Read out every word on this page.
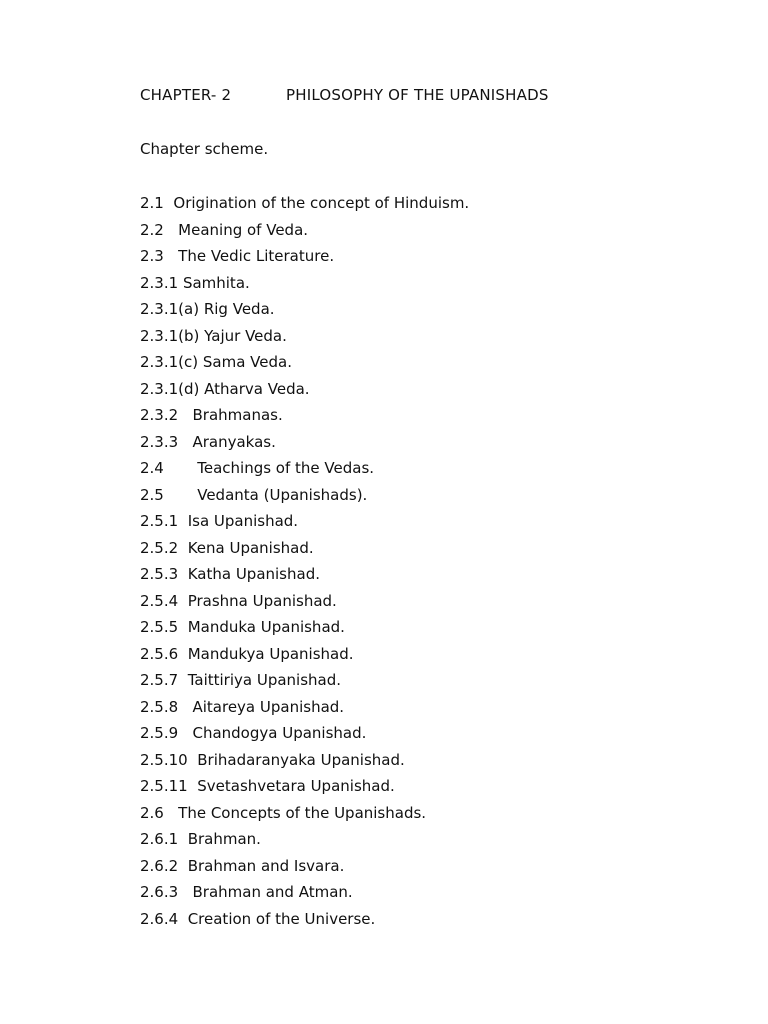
CHAPTER- 2

	PHILOSOPHY OF THE UPANISHADS

Chapter scheme.
2.1  Origination of the concept of Hinduism.
2.2   Meaning of Veda.
2.3   The Vedic Literature.
2.3.1 Samhita.
2.3.1(a) Rig Veda.
2.3.1(b) Yajur Veda.
2.3.1(c) Sama Veda.
2.3.1(d) Atharva Veda.
2.3.2   Brahmanas.
2.3.3   Aranyakas.
2.4       Teachings of the Vedas.
2.5       Vedanta (Upanishads).
2.5.1  Isa Upanishad.
2.5.2  Kena Upanishad.
2.5.3  Katha Upanishad.
2.5.4  Prashna Upanishad.
2.5.5  Manduka Upanishad.
2.5.6  Mandukya Upanishad.
2.5.7  Taittiriya Upanishad.
2.5.8   Aitareya Upanishad.
2.5.9   Chandogya Upanishad.
2.5.10  Brihadaranyaka Upanishad.
2.5.11  Svetashvetara Upanishad.
2.6   The Concepts of the Upanishads.
2.6.1  Brahman.
2.6.2  Brahman and Isvara.
2.6.3   Brahman and Atman.
2.6.4  Creation of the Universe.
